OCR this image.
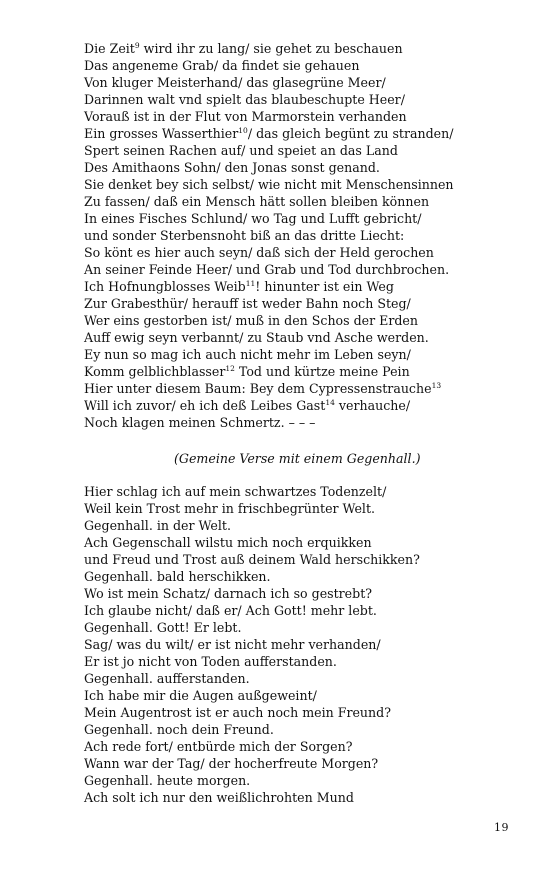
Die Zeit$^9$ wird ihr zu lang/ sie gehet zu beschauen
Das angeneme Grab/ da findet sie gehauen
Von kluger Meisterhand/ das glasegrüne Meer/
Darinnen walt vnd spielt das blaubeschupte Heer/
Vorauß ist in der Flut von Marmorstein verhanden
Ein grosses Wasserthier$^{10}$/ das gleich begünt zu stranden/
Spert seinen Rachen auf/ und speiet an das Land
Des Amithaons Sohn/ den Jonas sonst genand.
Sie denket bey sich selbst/ wie nicht mit Menschensinnen
Zu fassen/ daß ein Mensch hätt sollen bleiben können
In eines Fisches Schlund/ wo Tag und Lufft gebricht/
und sonder Sterbensnoht biß an das dritte Liecht:
So könt es hier auch seyn/ daß sich der Held gerochen
An seiner Feinde Heer/ und Grab und Tod durchbrochen.
Ich Hofnungblosses Weib$^{11}$! hinunter ist ein Weg
Zur Grabesthür/ herauff ist weder Bahn noch Steg/
Wer eins gestorben ist/ muß in den Schos der Erden
Auff ewig seyn verbannt/ zu Staub vnd Asche werden.
Ey nun so mag ich auch nicht mehr im Leben seyn/
Komm gelblichblasser$^{12}$ Tod und kürtze meine Pein
Hier unter diesem Baum: Bey dem Cypressenstrauche$^{13}$
Will ich zuvor/ eh ich deß Leibes Gast$^{14}$ verhauche/
Noch klagen meinen Schmertz. – – –
(Gemeine Verse mit einem Gegenhall.)
Hier schlag ich auf mein schwartzes Todenzelt/
Weil kein Trost mehr in frischbegrünter Welt.
Gegenhall. in der Welt.
Ach Gegenschall wilstu mich noch erquikken
und Freud und Trost auß deinem Wald herschikken?
Gegenhall. bald herschikken.
Wo ist mein Schatz/ darnach ich so gestrebt?
Ich glaube nicht/ daß er/ Ach Gott! mehr lebt.
Gegenhall. Gott! Er lebt.
Sag/ was du wilt/ er ist nicht mehr verhanden/
Er ist jo nicht von Toden aufferstanden.
Gegenhall. aufferstanden.
Ich habe mir die Augen außgeweint/
Mein Augentrost ist er auch noch mein Freund?
Gegenhall. noch dein Freund.
Ach rede fort/ entbürde mich der Sorgen?
Wann war der Tag/ der hocherfreute Morgen?
Gegenhall. heute morgen.
Ach solt ich nur den weißlichrohten Mund
19
